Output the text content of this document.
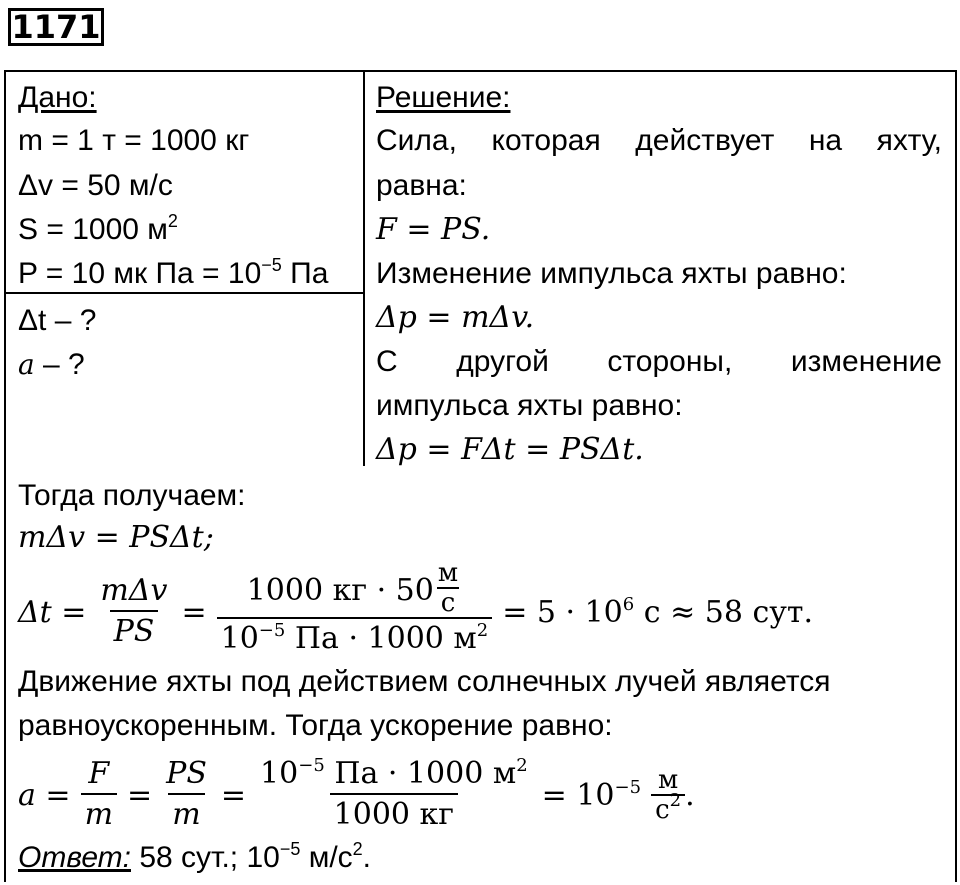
1171
Дано:
m = 1 т = 1000 кг
Δv = 50 м/с
S = 1000 $м^2$
P = 10 мк Па = $10^{-5}$ Па
Δt – ?
a – ?
Решение:
Сила, которая действует на яхту,
равна:
F = PS.
Изменение импульса яхты равно:
Δp = mΔv.
С другой стороны, изменение
импульса яхты равно:
Δp = FΔt = PSΔt.
Тогда получаем:
mΔv = PSΔt;
$\Delta t = \frac{\text{mΔv}}{PS} = \frac{1000 кг \cdot 50 \frac{м}{с}}{10^{-5} Па \cdot 1000 м^2} = 5 \cdot 10^6$ с ≈ 58 сут.
Движение яхты под действием солнечных лучей является
равноускоренным. Тогда ускорение равно:
$a = \frac{F}{m} = \frac{PS}{m} = \frac{10^{-5} Па \cdot 1000 м^2}{1000 кг} = 10^{-5} \frac{м}{с^2}$ .
Ответ: 58 сут.; $10^{-5}$ $м/с^2$.
